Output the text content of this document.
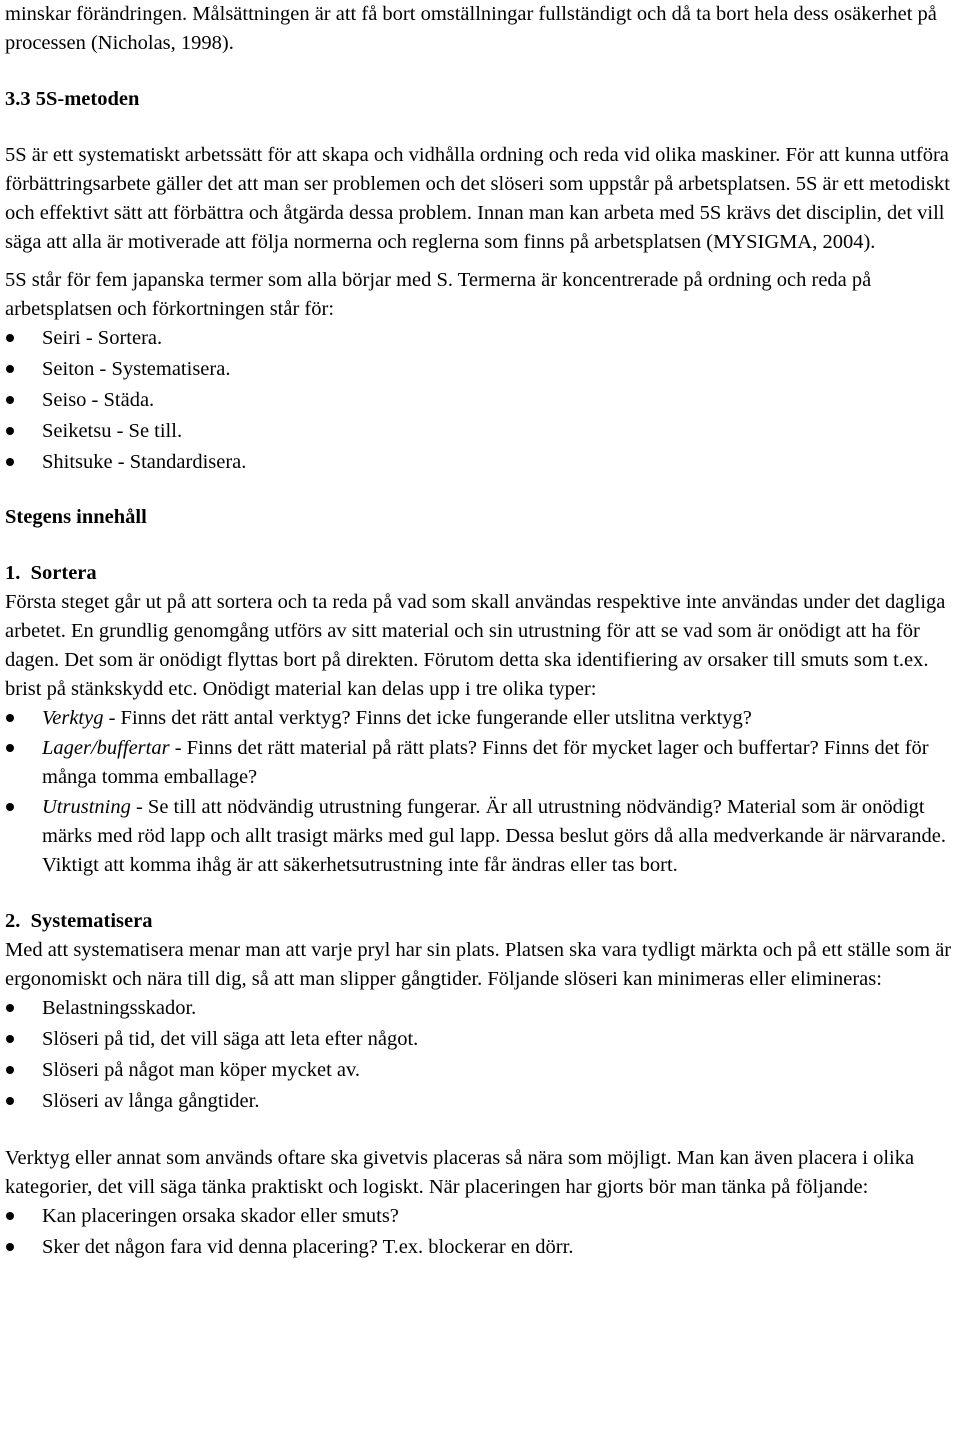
minskar förändringen. Målsättningen är att få bort omställningar fullständigt och då ta bort hela dess osäkerhet på processen (Nicholas, 1998).

3.3 5S-metoden

5S är ett systematiskt arbetssätt för att skapa och vidhålla ordning och reda vid olika maskiner. För att kunna utföra förbättringsarbete gäller det att man ser problemen och det slöseri som uppstår på arbetsplatsen. 5S är ett metodiskt och effektivt sätt att förbättra och åtgärda dessa problem. Innan man kan arbeta med 5S krävs det disciplin, det vill säga att alla är motiverade att följa normerna och reglerna som finns på arbetsplatsen (MYSIGMA, 2004).

5S står för fem japanska termer som alla börjar med S. Termerna är koncentrerade på ordning och reda på arbetsplatsen och förkortningen står för:

Seiri - Sortera.
Seiton - Systematisera.
Seiso - Städa.
Seiketsu - Se till.
Shitsuke - Standardisera.
Stegens innehåll
1.  Sortera

Första steget går ut på att sortera och ta reda på vad som skall användas respektive inte användas under det dagliga arbetet. En grundlig genomgång utförs av sitt material och sin utrustning för att se vad som är onödigt att ha för dagen. Det som är onödigt flyttas bort på direkten. Förutom detta ska identifiering av orsaker till smuts som t.ex. brist på stänkskydd etc. Onödigt material kan delas upp i tre olika typer:

Verktyg - Finns det rätt antal verktyg? Finns det icke fungerande eller utslitna verktyg?
Lager/buffertar - Finns det rätt material på rätt plats? Finns det för mycket lager och buffertar? Finns det för många tomma emballage?
Utrustning - Se till att nödvändig utrustning fungerar. Är all utrustning nödvändig? Material som är onödigt märks med röd lapp och allt trasigt märks med gul lapp. Dessa beslut görs då alla medverkande är närvarande. Viktigt att komma ihåg är att säkerhetsutrustning inte får ändras eller tas bort.
2.  Systematisera

Med att systematisera menar man att varje pryl har sin plats. Platsen ska vara tydligt märkta och på ett ställe som är ergonomiskt och nära till dig, så att man slipper gångtider. Följande slöseri kan minimeras eller elimineras:

Belastningsskador.
Slöseri på tid, det vill säga att leta efter något.
Slöseri på något man köper mycket av.
Slöseri av långa gångtider.

Verktyg eller annat som används oftare ska givetvis placeras så nära som möjligt. Man kan även placera i olika kategorier, det vill säga tänka praktiskt och logiskt. När placeringen har gjorts bör man tänka på följande:

Kan placeringen orsaka skador eller smuts?
Sker det någon fara vid denna placering? T.ex. blockerar en dörr.
